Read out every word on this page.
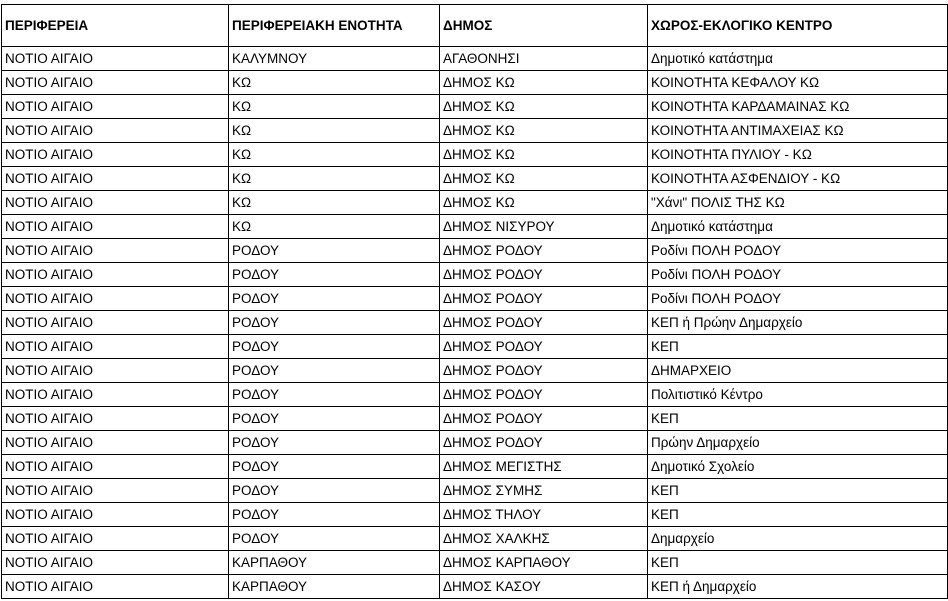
ΠΕΡΙΦΕΡΕΙΑ	ΠΕΡΙΦΕΡΕΙΑΚΗ ΕΝΟΤΗΤΑ	ΔΗΜΟΣ	ΧΩΡΟΣ-ΕΚΛΟΓΙΚΟ ΚΕΝΤΡΟ
ΝΟΤΙΟ ΑΙΓΑΙΟ	ΚΑΛΥΜΝΟΥ	ΑΓΑΘΟΝΗΣΙ	Δημοτικό κατάστημα
ΝΟΤΙΟ ΑΙΓΑΙΟ	ΚΩ	ΔΗΜΟΣ ΚΩ	ΚΟΙΝΟΤΗΤΑ ΚΕΦΑΛΟΥ ΚΩ
ΝΟΤΙΟ ΑΙΓΑΙΟ	ΚΩ	ΔΗΜΟΣ ΚΩ	ΚΟΙΝΟΤΗΤΑ ΚΑΡΔΑΜΑΙΝΑΣ ΚΩ
ΝΟΤΙΟ ΑΙΓΑΙΟ	ΚΩ	ΔΗΜΟΣ ΚΩ	ΚΟΙΝΟΤΗΤΑ ΑΝΤΙΜΑΧΕΙΑΣ ΚΩ
ΝΟΤΙΟ ΑΙΓΑΙΟ	ΚΩ	ΔΗΜΟΣ ΚΩ	ΚΟΙΝΟΤΗΤΑ ΠΥΛΙΟΥ - ΚΩ
ΝΟΤΙΟ ΑΙΓΑΙΟ	ΚΩ	ΔΗΜΟΣ ΚΩ	ΚΟΙΝΟΤΗΤΑ ΑΣΦΕΝΔΙΟΥ - ΚΩ
ΝΟΤΙΟ ΑΙΓΑΙΟ	ΚΩ	ΔΗΜΟΣ ΚΩ	"Χάνι" ΠΟΛΙΣ ΤΗΣ ΚΩ
ΝΟΤΙΟ ΑΙΓΑΙΟ	ΚΩ	ΔΗΜΟΣ ΝΙΣΥΡΟΥ	Δημοτικό κατάστημα
ΝΟΤΙΟ ΑΙΓΑΙΟ	ΡΟΔΟΥ	ΔΗΜΟΣ ΡΟΔΟΥ	Ροδίνι ΠΟΛΗ ΡΟΔΟΥ
ΝΟΤΙΟ ΑΙΓΑΙΟ	ΡΟΔΟΥ	ΔΗΜΟΣ ΡΟΔΟΥ	Ροδίνι ΠΟΛΗ ΡΟΔΟΥ
ΝΟΤΙΟ ΑΙΓΑΙΟ	ΡΟΔΟΥ	ΔΗΜΟΣ ΡΟΔΟΥ	Ροδίνι ΠΟΛΗ ΡΟΔΟΥ
ΝΟΤΙΟ ΑΙΓΑΙΟ	ΡΟΔΟΥ	ΔΗΜΟΣ ΡΟΔΟΥ	ΚΕΠ ή Πρώην Δημαρχείο
ΝΟΤΙΟ ΑΙΓΑΙΟ	ΡΟΔΟΥ	ΔΗΜΟΣ ΡΟΔΟΥ	ΚΕΠ
ΝΟΤΙΟ ΑΙΓΑΙΟ	ΡΟΔΟΥ	ΔΗΜΟΣ ΡΟΔΟΥ	ΔΗΜΑΡΧΕΙΟ
ΝΟΤΙΟ ΑΙΓΑΙΟ	ΡΟΔΟΥ	ΔΗΜΟΣ ΡΟΔΟΥ	Πολιτιστικό Κέντρο
ΝΟΤΙΟ ΑΙΓΑΙΟ	ΡΟΔΟΥ	ΔΗΜΟΣ ΡΟΔΟΥ	ΚΕΠ
ΝΟΤΙΟ ΑΙΓΑΙΟ	ΡΟΔΟΥ	ΔΗΜΟΣ ΡΟΔΟΥ	Πρώην Δημαρχείο
ΝΟΤΙΟ ΑΙΓΑΙΟ	ΡΟΔΟΥ	ΔΗΜΟΣ ΜΕΓΙΣΤΗΣ	Δημοτικό Σχολείο
ΝΟΤΙΟ ΑΙΓΑΙΟ	ΡΟΔΟΥ	ΔΗΜΟΣ ΣΥΜΗΣ	ΚΕΠ
ΝΟΤΙΟ ΑΙΓΑΙΟ	ΡΟΔΟΥ	ΔΗΜΟΣ ΤΗΛΟΥ	ΚΕΠ
ΝΟΤΙΟ ΑΙΓΑΙΟ	ΡΟΔΟΥ	ΔΗΜΟΣ ΧΑΛΚΗΣ	Δημαρχείο
ΝΟΤΙΟ ΑΙΓΑΙΟ	ΚΑΡΠΑΘΟΥ	ΔΗΜΟΣ ΚΑΡΠΑΘΟΥ	ΚΕΠ
ΝΟΤΙΟ ΑΙΓΑΙΟ	ΚΑΡΠΑΘΟΥ	ΔΗΜΟΣ ΚΑΣΟΥ	ΚΕΠ ή Δημαρχείο
